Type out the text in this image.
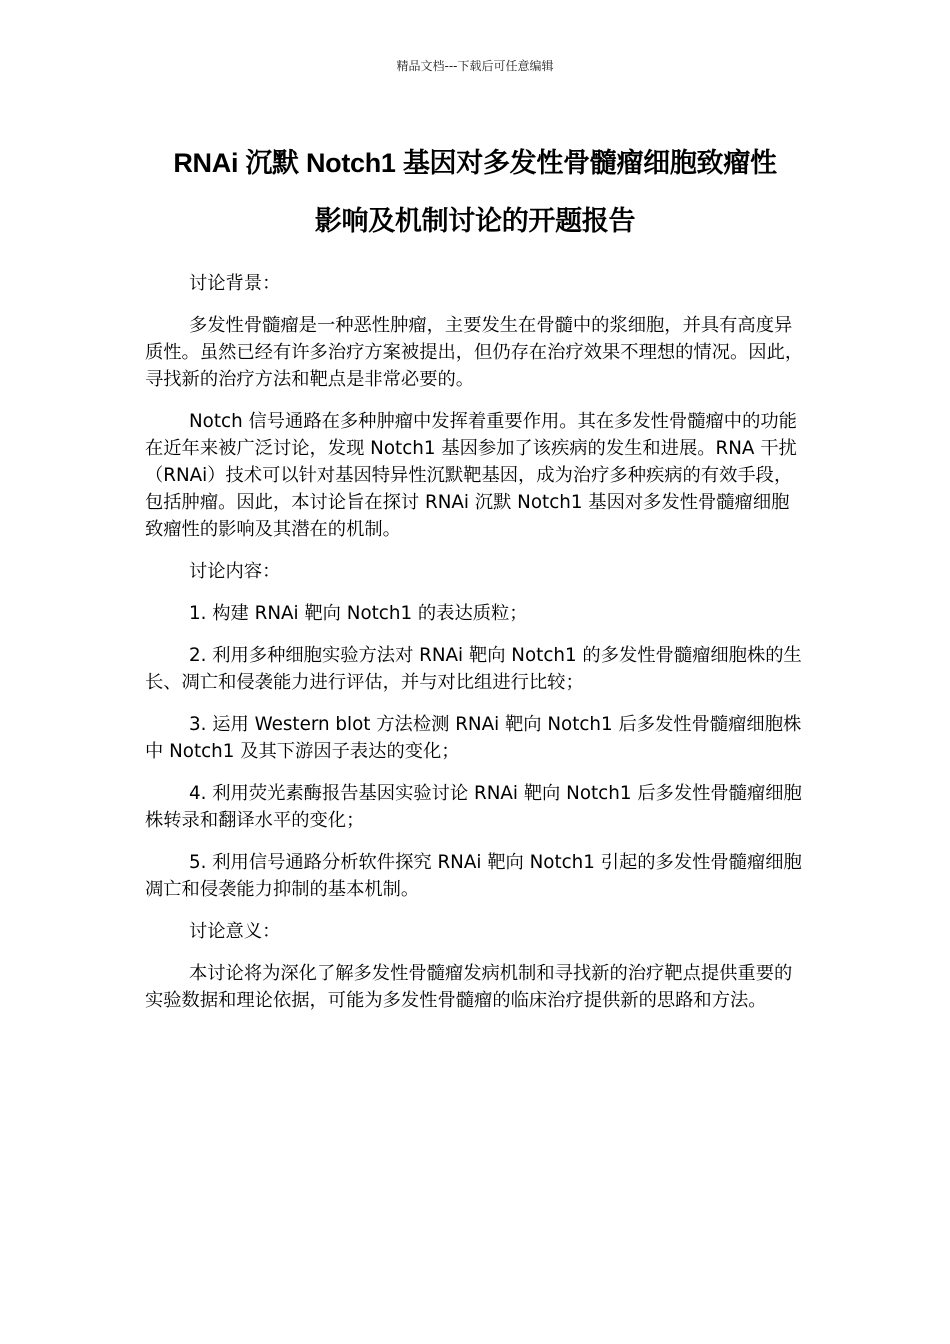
精品文档---下载后可任意编辑
RNAi 沉默 Notch1 基因对多发性骨髓瘤细胞致瘤性
影响及机制讨论的开题报告

讨论背景：

多发性骨髓瘤是一种恶性肿瘤，主要发生在骨髓中的浆细胞，并具有高度异质性。虽然已经有许多治疗方案被提出，但仍存在治疗效果不理想的情况。因此，寻找新的治疗方法和靶点是非常必要的。

Notch 信号通路在多种肿瘤中发挥着重要作用。其在多发性骨髓瘤中的功能在近年来被广泛讨论，发现 Notch1 基因参加了该疾病的发生和进展。RNA 干扰（RNAi）技术可以针对基因特异性沉默靶基因，成为治疗多种疾病的有效手段，包括肿瘤。因此，本讨论旨在探讨 RNAi 沉默 Notch1 基因对多发性骨髓瘤细胞致瘤性的影响及其潜在的机制。

讨论内容：

1. 构建 RNAi 靶向 Notch1 的表达质粒；

2. 利用多种细胞实验方法对 RNAi 靶向 Notch1 的多发性骨髓瘤细胞株的生长、凋亡和侵袭能力进行评估，并与对比组进行比较；

3. 运用 Western blot 方法检测 RNAi 靶向 Notch1 后多发性骨髓瘤细胞株中 Notch1 及其下游因子表达的变化；

4. 利用荧光素酶报告基因实验讨论 RNAi 靶向 Notch1 后多发性骨髓瘤细胞株转录和翻译水平的变化；

5. 利用信号通路分析软件探究 RNAi 靶向 Notch1 引起的多发性骨髓瘤细胞凋亡和侵袭能力抑制的基本机制。

讨论意义：

本讨论将为深化了解多发性骨髓瘤发病机制和寻找新的治疗靶点提供重要的实验数据和理论依据，可能为多发性骨髓瘤的临床治疗提供新的思路和方法。
